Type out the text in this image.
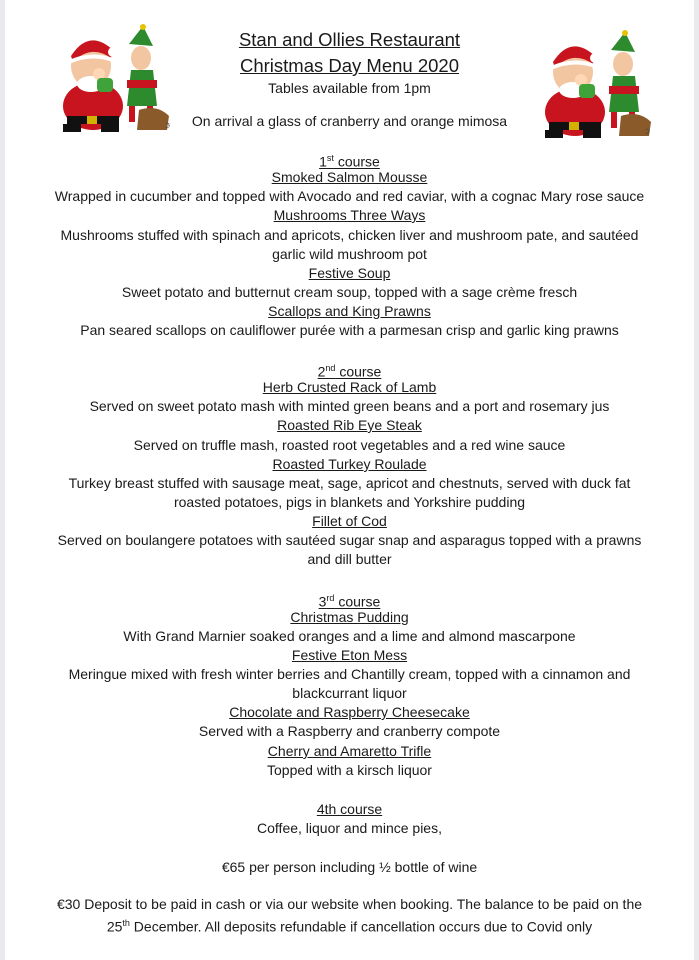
ℑ
ℑ
Stan and Ollies Restaurant
Christmas Day Menu 2020
Tables available from 1pm
On arrival a glass of cranberry and orange mimosa
1st course
Smoked Salmon Mousse
Wrapped in cucumber and topped with Avocado and red caviar, with a cognac Mary rose sauce
Mushrooms Three Ways
Mushrooms stuffed with spinach and apricots, chicken liver and mushroom pate, and sautéed
garlic wild mushroom pot
Festive Soup
Sweet potato and butternut cream soup, topped with a sage crème fresch
Scallops and King Prawns
Pan seared scallops on cauliflower purée with a parmesan crisp and garlic king prawns
2nd course
Herb Crusted Rack of Lamb
Served on sweet potato mash with minted green beans and a port and rosemary jus
Roasted Rib Eye Steak
Served on truffle mash, roasted root vegetables and a red wine sauce
Roasted Turkey Roulade
Turkey breast stuffed with sausage meat, sage, apricot and chestnuts, served with duck fat
roasted potatoes, pigs in blankets and Yorkshire pudding
Fillet of Cod
Served on boulangere potatoes with sautéed sugar snap and asparagus topped with a prawns
and dill butter
3rd course
Christmas Pudding
With Grand Marnier soaked oranges and a lime and almond mascarpone
Festive Eton Mess
Meringue mixed with fresh winter berries and Chantilly cream, topped with a cinnamon and
blackcurrant liquor
Chocolate and Raspberry Cheesecake
Served with a Raspberry and cranberry compote
Cherry and Amaretto Trifle
Topped with a kirsch liquor
4th course
Coffee, liquor and mince pies,
€65 per person including ½ bottle of wine
€30 Deposit to be paid in cash or via our website when booking. The balance to be paid on the
25th December. All deposits refundable if cancellation occurs due to Covid only
